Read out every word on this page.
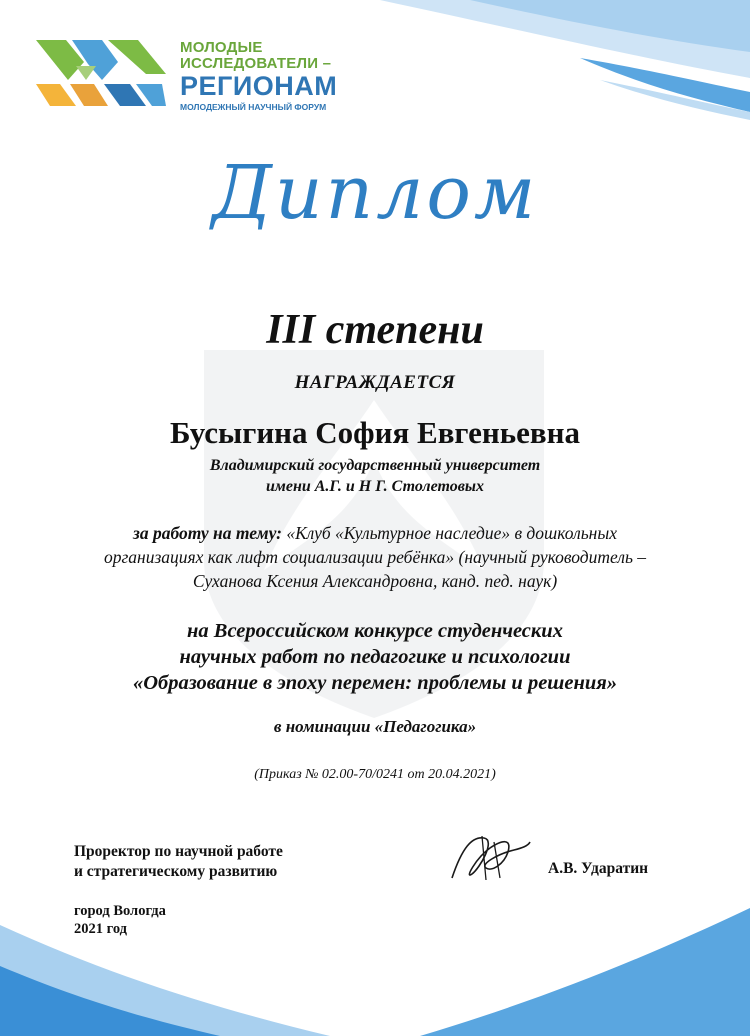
МОЛОДЫЕ
ИССЛЕДОВАТЕЛИ –
РЕГИОНАМ
МОЛОДЕЖНЫЙ НАУЧНЫЙ ФОРУМ
Диплом
III степени
НАГРАЖДАЕТСЯ
Бусыгина София Евгеньевна
Владимирский государственный университет
имени А.Г. и Н Г. Столетовых
за работу на тему: «Клуб «Культурное наследие» в дошкольных организациях как лифт социализации ребёнка» (научный руководитель – Суханова Ксения Александровна, канд. пед. наук)
на Всероссийском конкурсе студенческих
научных работ по педагогике и психологии
«Образование в эпоху перемен: проблемы и решения»
в номинации «Педагогика»
(Приказ № 02.00-70/0241 от 20.04.2021)
Проректор по научной работе
и стратегическому развитию	А.В. Ударатин
город Вологда
2021 год
